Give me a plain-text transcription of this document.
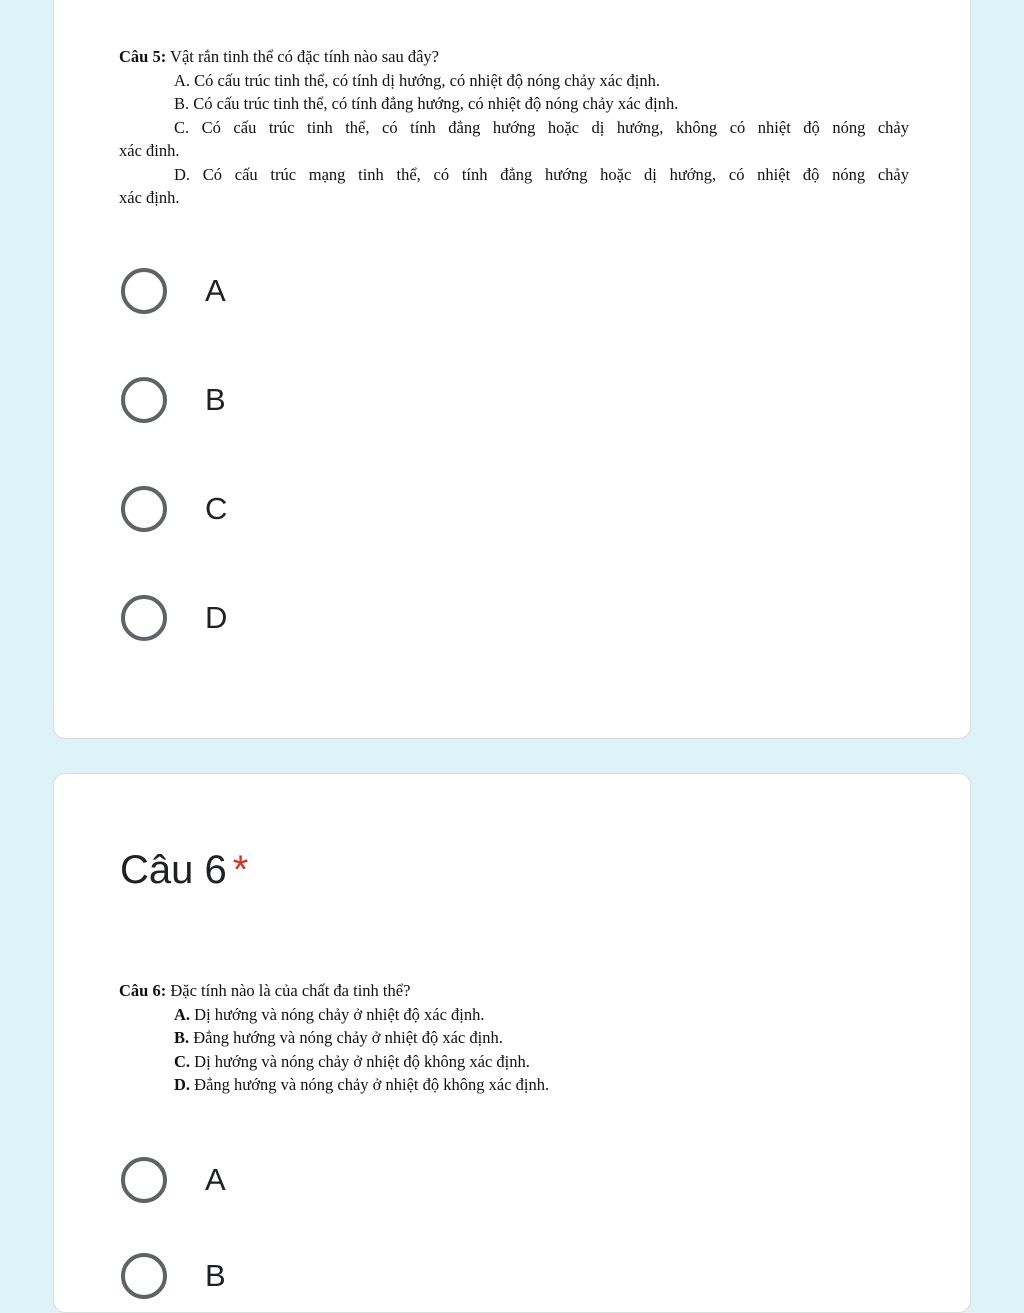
Câu 5: Vật rắn tinh thể có đặc tính nào sau đây?

A. Có cấu trúc tinh thể, có tính dị hướng, có nhiệt độ nóng chảy xác định.

B. Có cấu trúc tinh thể, có tính đẳng hướng, có nhiệt độ nóng chảy xác định.

C. Có cấu trúc tinh thể, có tính đẳng hướng hoặc dị hướng, không có nhiệt độ nóng chảy

xác đinh.

D. Có cấu trúc mạng tinh thể, có tính đẳng hướng hoặc dị hướng, có nhiệt độ nóng chảy

xác định.

A
B
C
D
Câu 6 *

Câu 6: Đặc tính nào là của chất đa tinh thể?

A. Dị hướng và nóng chảy ở nhiệt độ xác định.

B. Đẳng hướng và nóng chảy ở nhiệt độ xác định.

C. Dị hướng và nóng chảy ở nhiệt độ không xác định.

D. Đẳng hướng và nóng chảy ở nhiệt độ không xác định.

A
B
